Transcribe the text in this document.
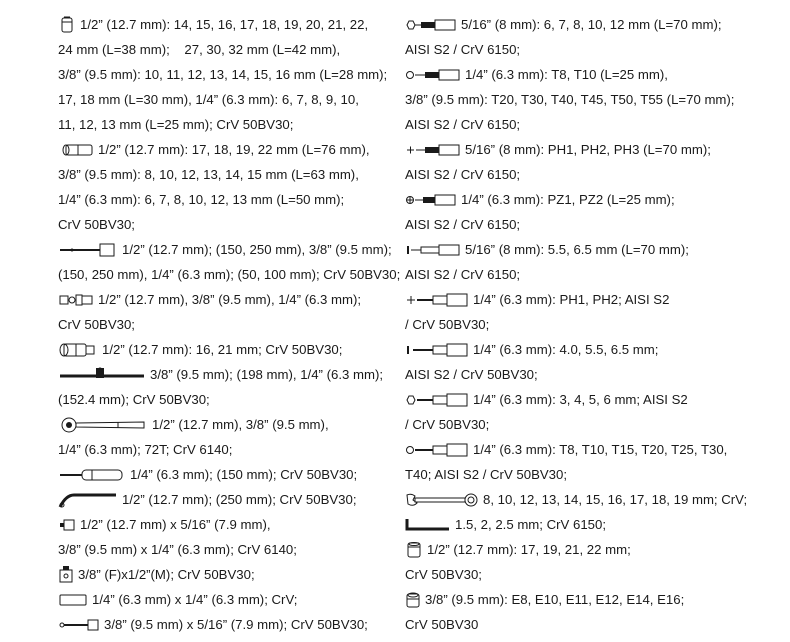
1/2” (12.7 mm): 14, 15, 16, 17, 18, 19, 20, 21, 22,
24 mm (L=38 mm);    27, 30, 32 mm (L=42 mm),
3/8” (9.5 mm): 10, 11, 12, 13, 14, 15, 16 mm (L=28 mm);
17, 18 mm (L=30 mm), 1/4” (6.3 mm): 6, 7, 8, 9, 10,
11, 12, 13 mm (L=25 mm); CrV 50BV30;
1/2” (12.7 mm): 17, 18, 19, 22 mm (L=76 mm),
3/8” (9.5 mm): 8, 10, 12, 13, 14, 15 mm (L=63 mm),
1/4” (6.3 mm): 6, 7, 8, 10, 12, 13 mm (L=50 mm);
CrV 50BV30;
1/2” (12.7 mm); (150, 250 mm), 3/8” (9.5 mm);
(150, 250 mm), 1/4” (6.3 mm); (50, 100 mm); CrV 50BV30;
1/2” (12.7 mm), 3/8” (9.5 mm), 1/4” (6.3 mm);
CrV 50BV30;
1/2” (12.7 mm): 16, 21 mm; CrV 50BV30;
3/8” (9.5 mm); (198 mm), 1/4” (6.3 mm);
(152.4 mm); CrV 50BV30;
1/2” (12.7 mm), 3/8” (9.5 mm),
1/4” (6.3 mm); 72T; CrV 6140;
1/4” (6.3 mm); (150 mm); CrV 50BV30;
1/2” (12.7 mm); (250 mm); CrV 50BV30;
1/2” (12.7 mm) x 5/16” (7.9 mm),
3/8” (9.5 mm) x 1/4” (6.3 mm); CrV 6140;
3/8” (F)x1/2”(M); CrV 50BV30;
1/4” (6.3 mm) x 1/4” (6.3 mm); CrV;
3/8” (9.5 mm) x 5/16” (7.9 mm); CrV 50BV30;
5/16” (8 mm): 6, 7, 8, 10, 12 mm (L=70 mm);
AISI S2 / CrV 6150;
1/4” (6.3 mm): T8, T10 (L=25 mm),
3/8” (9.5 mm): T20, T30, T40, T45, T50, T55 (L=70 mm);
AISI S2 / CrV 6150;
5/16” (8 mm): PH1, PH2, PH3 (L=70 mm);
AISI S2 / CrV 6150;
1/4” (6.3 mm): PZ1, PZ2 (L=25 mm);
AISI S2 / CrV 6150;
5/16” (8 mm): 5.5, 6.5 mm (L=70 mm);
AISI S2 / CrV 6150;
1/4” (6.3 mm): PH1, PH2; AISI S2
/ CrV 50BV30;
1/4” (6.3 mm): 4.0, 5.5, 6.5 mm;
AISI S2 / CrV 50BV30;
1/4” (6.3 mm): 3, 4, 5, 6 mm; AISI S2
/ CrV 50BV30;
1/4” (6.3 mm): T8, T10, T15, T20, T25, T30,
T40; AISI S2 / CrV 50BV30;
8, 10, 12, 13, 14, 15, 16, 17, 18, 19 mm; CrV;
1.5, 2, 2.5 mm; CrV 6150;
1/2” (12.7 mm): 17, 19, 21, 22 mm;
CrV 50BV30;
3/8” (9.5 mm): E8, E10, E11, E12, E14, E16;
CrV 50BV30
